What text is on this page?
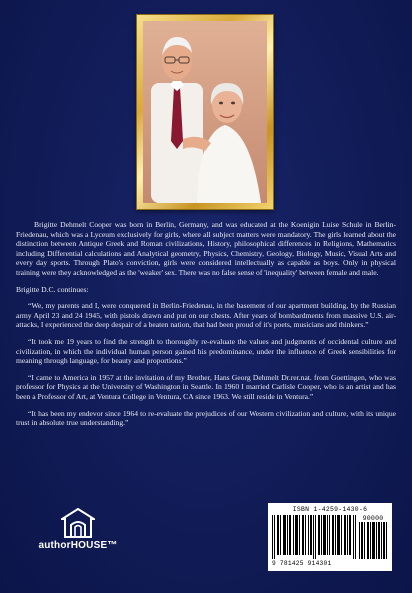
Brigitte Dehmelt Cooper was born in Berlin, Germany, and was educated at the Koenigin Luise Schule in Berlin-Friedenau, which was a Lyceum exclusively for girls, where all subject matters were mandatory. The girls learned about the distinction between Antique Greek and Roman civilizations, History, philosophical differences in Religions, Mathematics including Differential calculations and Analytical geometry, Physics, Chemistry, Geology, Biology, Music, Visual Arts and every day sports. Through Plato's conviction, girls were considered intellectually as capable as boys. Only in physical training were they acknowledged as the 'weaker' sex. There was no false sense of 'inequality' between female and male.

Brigitte D.C. continues:

“We, my parents and I, were conquered in Berlin-Friedenau, in the basement of our apartment building, by the Russian army April 23 and 24 1945, with pistols drawn and put on our chests. After years of bombardments from massive U.S. air-attacks, I experienced the deep despair of a beaten nation, that had been proud of it's poets, musicians and thinkers.”

“It took me 19 years to find the strength to thoroughly re-evaluate the values and judgments of occidental culture and civilization, in which the individual human person gained his predominance, under the influence of Greek sensibilities for meaning through language, for beauty and proportions.”

“I came to America in 1957 at the invitation of my Brother, Hans Georg Dehmelt Dr.rer.nat. from Goettingen, who was professor for Physics at the University of Washington in Seattle. In 1960 I married Carlisle Cooper, who is an artist and has been a Professor of Art, at Ventura College in Ventura, CA since 1963. We still reside in Ventura.”

“It has been my endevor since 1964 to re-evaluate the prejudices of our Western civilization and culture, with its unique trust in absolute true understanding.”

authorHOUSE™
ISBN 1-4259-1430-6
9 781425 914301
90000
